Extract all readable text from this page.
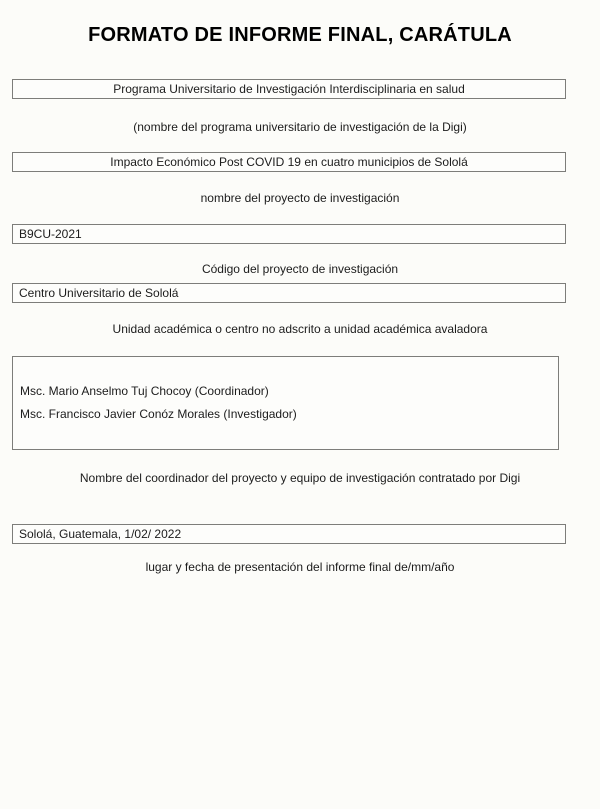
FORMATO DE INFORME FINAL, CARÁTULA
Programa Universitario de Investigación Interdisciplinaria en salud
(nombre del programa universitario de investigación de la Digi)
Impacto Económico Post COVID 19 en cuatro municipios de Sololá
nombre del proyecto de investigación
B9CU-2021
Código del proyecto de investigación
Centro Universitario de Sololá
Unidad académica o centro no adscrito a unidad académica avaladora

Msc. Mario Anselmo Tuj Chocoy (Coordinador)

Msc. Francisco Javier Conóz Morales (Investigador)

Nombre del coordinador del proyecto y equipo de investigación contratado por Digi
Sololá, Guatemala, 1/02/ 2022
lugar y fecha de presentación del informe final de/mm/año
